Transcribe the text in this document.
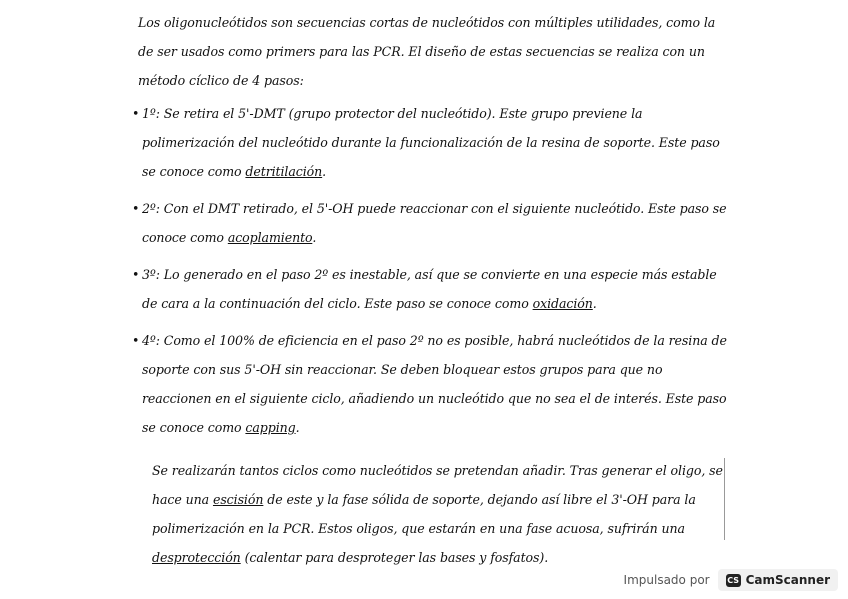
Los oligonucleótidos son secuencias cortas de nucleótidos con múltiples utilidades, como la de ser usados como primers para las PCR. El diseño de estas secuencias se realiza con un método cíclico de 4 pasos:

• 1º: Se retira el 5'-DMT (grupo protector del nucleótido). Este grupo previene la polimerización del nucleótido durante la funcionalización de la resina de soporte. Este paso se conoce como detritilación.
• 2º: Con el DMT retirado, el 5'-OH puede reaccionar con el siguiente nucleótido. Este paso se conoce como acoplamiento.
• 3º: Lo generado en el paso 2º es inestable, así que se convierte en una especie más estable de cara a la continuación del ciclo. Este paso se conoce como oxidación.
• 4º: Como el 100% de eficiencia en el paso 2º no es posible, habrá nucleótidos de la resina de soporte con sus 5'-OH sin reaccionar. Se deben bloquear estos grupos para que no reaccionen en el siguiente ciclo, añadiendo un nucleótido que no sea el de interés. Este paso se conoce como capping.

Se realizarán tantos ciclos como nucleótidos se pretendan añadir. Tras generar el oligo, se hace una escisión de este y la fase sólida de soporte, dejando así libre el 3'-OH para la polimerización en la PCR. Estos oligos, que estarán en una fase acuosa, sufrirán una desprotección (calentar para desproteger las bases y fosfatos).

Impulsado por CS CamScanner
